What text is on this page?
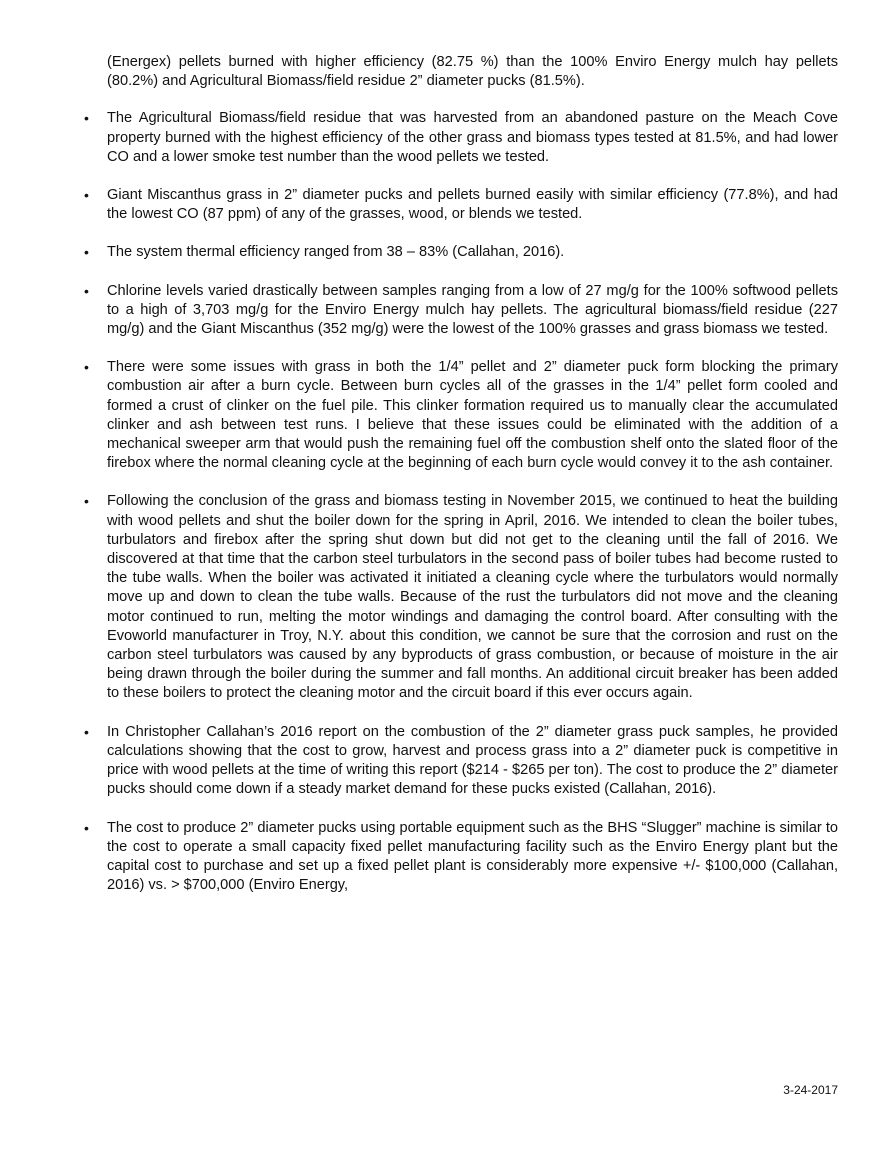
(Energex) pellets burned with higher efficiency (82.75 %) than the 100% Enviro Energy mulch hay pellets (80.2%) and Agricultural Biomass/field residue 2” diameter pucks (81.5%).

•	The Agricultural Biomass/field residue that was harvested from an abandoned pasture on the Meach Cove property burned with the highest efficiency of the other grass and biomass types tested at 81.5%, and had lower CO and a lower smoke test number than the wood pellets we tested.

•	Giant Miscanthus grass in 2” diameter pucks and pellets burned easily with similar efficiency (77.8%), and had the lowest CO (87 ppm) of any of the grasses, wood, or blends we tested.

•	The system thermal efficiency ranged from 38 – 83% (Callahan, 2016).

•	Chlorine levels varied drastically between samples ranging from a low of 27 mg/g for the 100% softwood pellets to a high of 3,703 mg/g for the Enviro Energy mulch hay pellets. The agricultural biomass/field residue (227 mg/g) and the Giant Miscanthus (352 mg/g) were the lowest of the 100% grasses and grass biomass we tested.

•	There were some issues with grass in both the 1/4” pellet and 2” diameter puck form blocking the primary combustion air after a burn cycle. Between burn cycles all of the grasses in the 1/4” pellet form cooled and formed a crust of clinker on the fuel pile. This clinker formation required us to manually clear the accumulated clinker and ash between test runs. I believe that these issues could be eliminated with the addition of a mechanical sweeper arm that would push the remaining fuel off the combustion shelf onto the slated floor of the firebox where the normal cleaning cycle at the beginning of each burn cycle would convey it to the ash container.

•	Following the conclusion of the grass and biomass testing in November 2015, we continued to heat the building with wood pellets and shut the boiler down for the spring in April, 2016. We intended to clean the boiler tubes, turbulators and firebox after the spring shut down but did not get to the cleaning until the fall of 2016. We discovered at that time that the carbon steel turbulators in the second pass of boiler tubes had become rusted to the tube walls. When the boiler was activated it initiated a cleaning cycle where the turbulators would normally move up and down to clean the tube walls. Because of the rust the turbulators did not move and the cleaning motor continued to run, melting the motor windings and damaging the control board. After consulting with the Evoworld manufacturer in Troy, N.Y. about this condition, we cannot be sure that the corrosion and rust on the carbon steel turbulators was caused by any byproducts of grass combustion, or because of moisture in the air being drawn through the boiler during the summer and fall months. An additional circuit breaker has been added to these boilers to protect the cleaning motor and the circuit board if this ever occurs again.

•	In Christopher Callahan’s 2016 report on the combustion of the 2” diameter grass puck samples, he provided calculations showing that the cost to grow, harvest and process grass into a 2” diameter puck is competitive in price with wood pellets at the time of writing this report ($214 - $265 per ton). The cost to produce the 2” diameter pucks should come down if a steady market demand for these pucks existed (Callahan, 2016).

•	The cost to produce 2” diameter pucks using portable equipment such as the BHS “Slugger” machine is similar to the cost to operate a small capacity fixed pellet manufacturing facility such as the Enviro Energy plant but the capital cost to purchase and set up a fixed pellet plant is considerably more expensive +/- $100,000 (Callahan, 2016) vs. > $700,000 (Enviro Energy,

3-24-2017
